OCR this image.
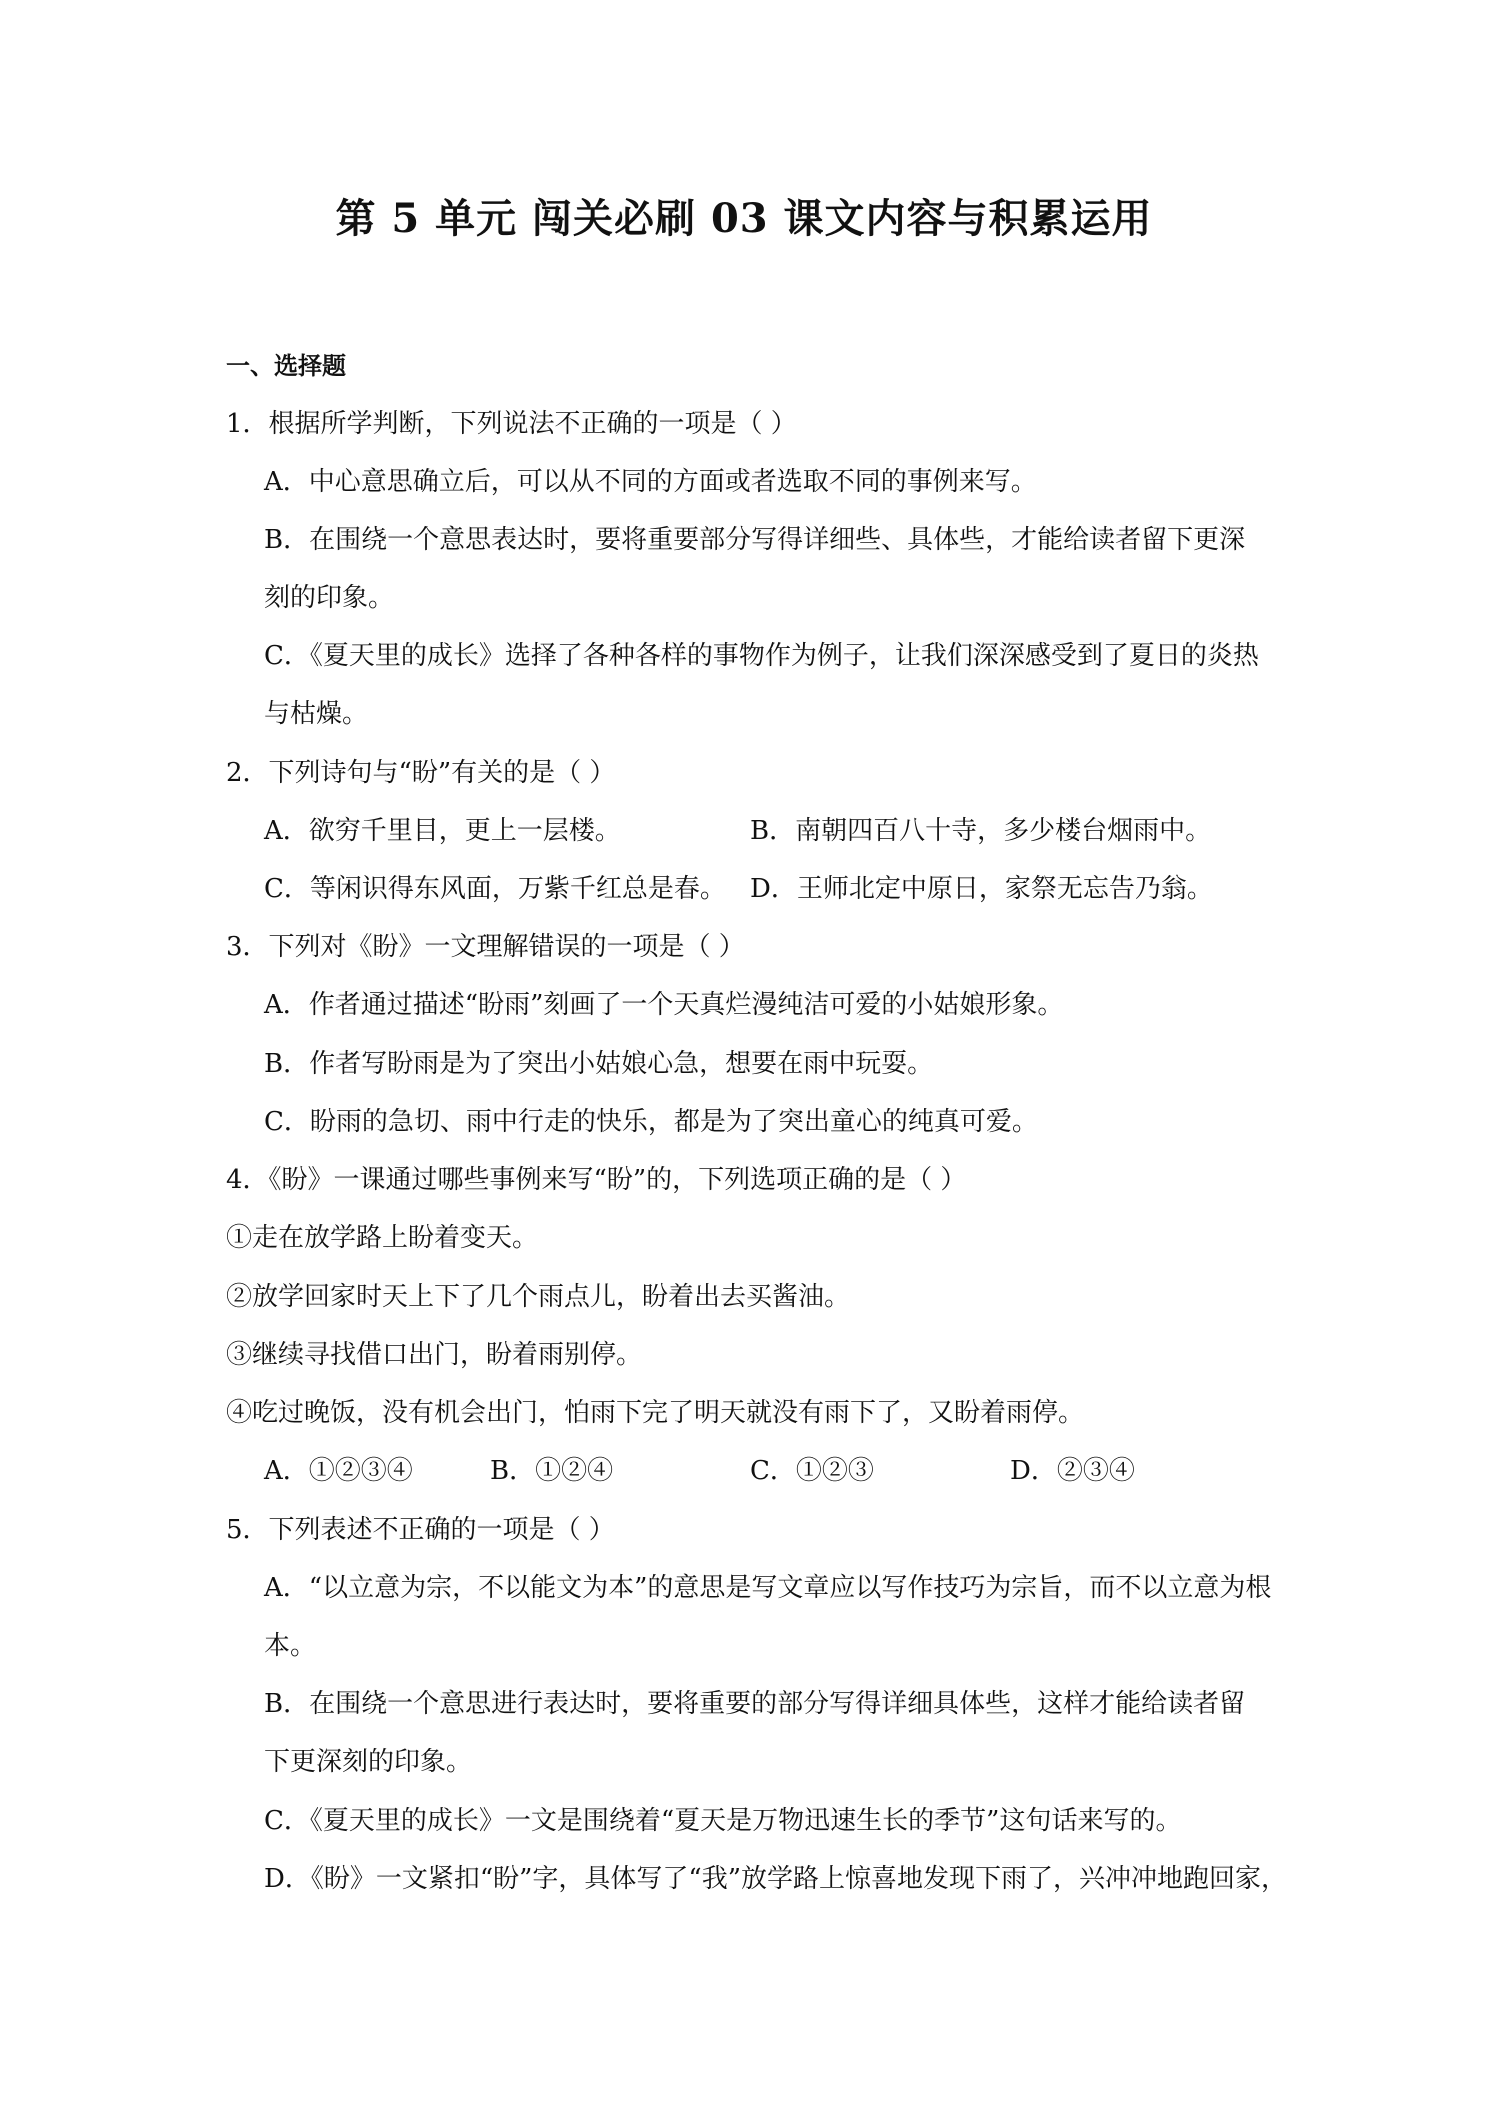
第 5 单元 闯关必刷 03 课文内容与积累运用
一、选择题
1．根据所学判断，下列说法不正确的一项是（ ）
A．中心意思确立后，可以从不同的方面或者选取不同的事例来写。
B．在围绕一个意思表达时，要将重要部分写得详细些、具体些，才能给读者留下更深
刻的印象。
C．《夏天里的成长》选择了各种各样的事物作为例子，让我们深深感受到了夏日的炎热
与枯燥。
2．下列诗句与“盼”有关的是（ ）
A．欲穷千里目，更上一层楼。	B．南朝四百八十寺，多少楼台烟雨中。
C．等闲识得东风面，万紫千红总是春。 D．王师北定中原日，家祭无忘告乃翁。
3．下列对《盼》一文理解错误的一项是（ ）
A．作者通过描述“盼雨”刻画了一个天真烂漫纯洁可爱的小姑娘形象。
B．作者写盼雨是为了突出小姑娘心急，想要在雨中玩耍。
C．盼雨的急切、雨中行走的快乐，都是为了突出童心的纯真可爱。
4．《盼》一课通过哪些事例来写“盼”的，下列选项正确的是（ ）
①走在放学路上盼着变天。
②放学回家时天上下了几个雨点儿，盼着出去买酱油。
③继续寻找借口出门，盼着雨别停。
④吃过晚饭，没有机会出门，怕雨下完了明天就没有雨下了，又盼着雨停。
A．①②③④	B．①②④	C．①②③	D．②③④
5．下列表述不正确的一项是（ ）
A．“以立意为宗，不以能文为本”的意思是写文章应以写作技巧为宗旨，而不以立意为根
本。
B．在围绕一个意思进行表达时，要将重要的部分写得详细具体些，这样才能给读者留
下更深刻的印象。
C．《夏天里的成长》一文是围绕着“夏天是万物迅速生长的季节”这句话来写的。
D．《盼》一文紧扣“盼”字，具体写了“我”放学路上惊喜地发现下雨了，兴冲冲地跑回家，
